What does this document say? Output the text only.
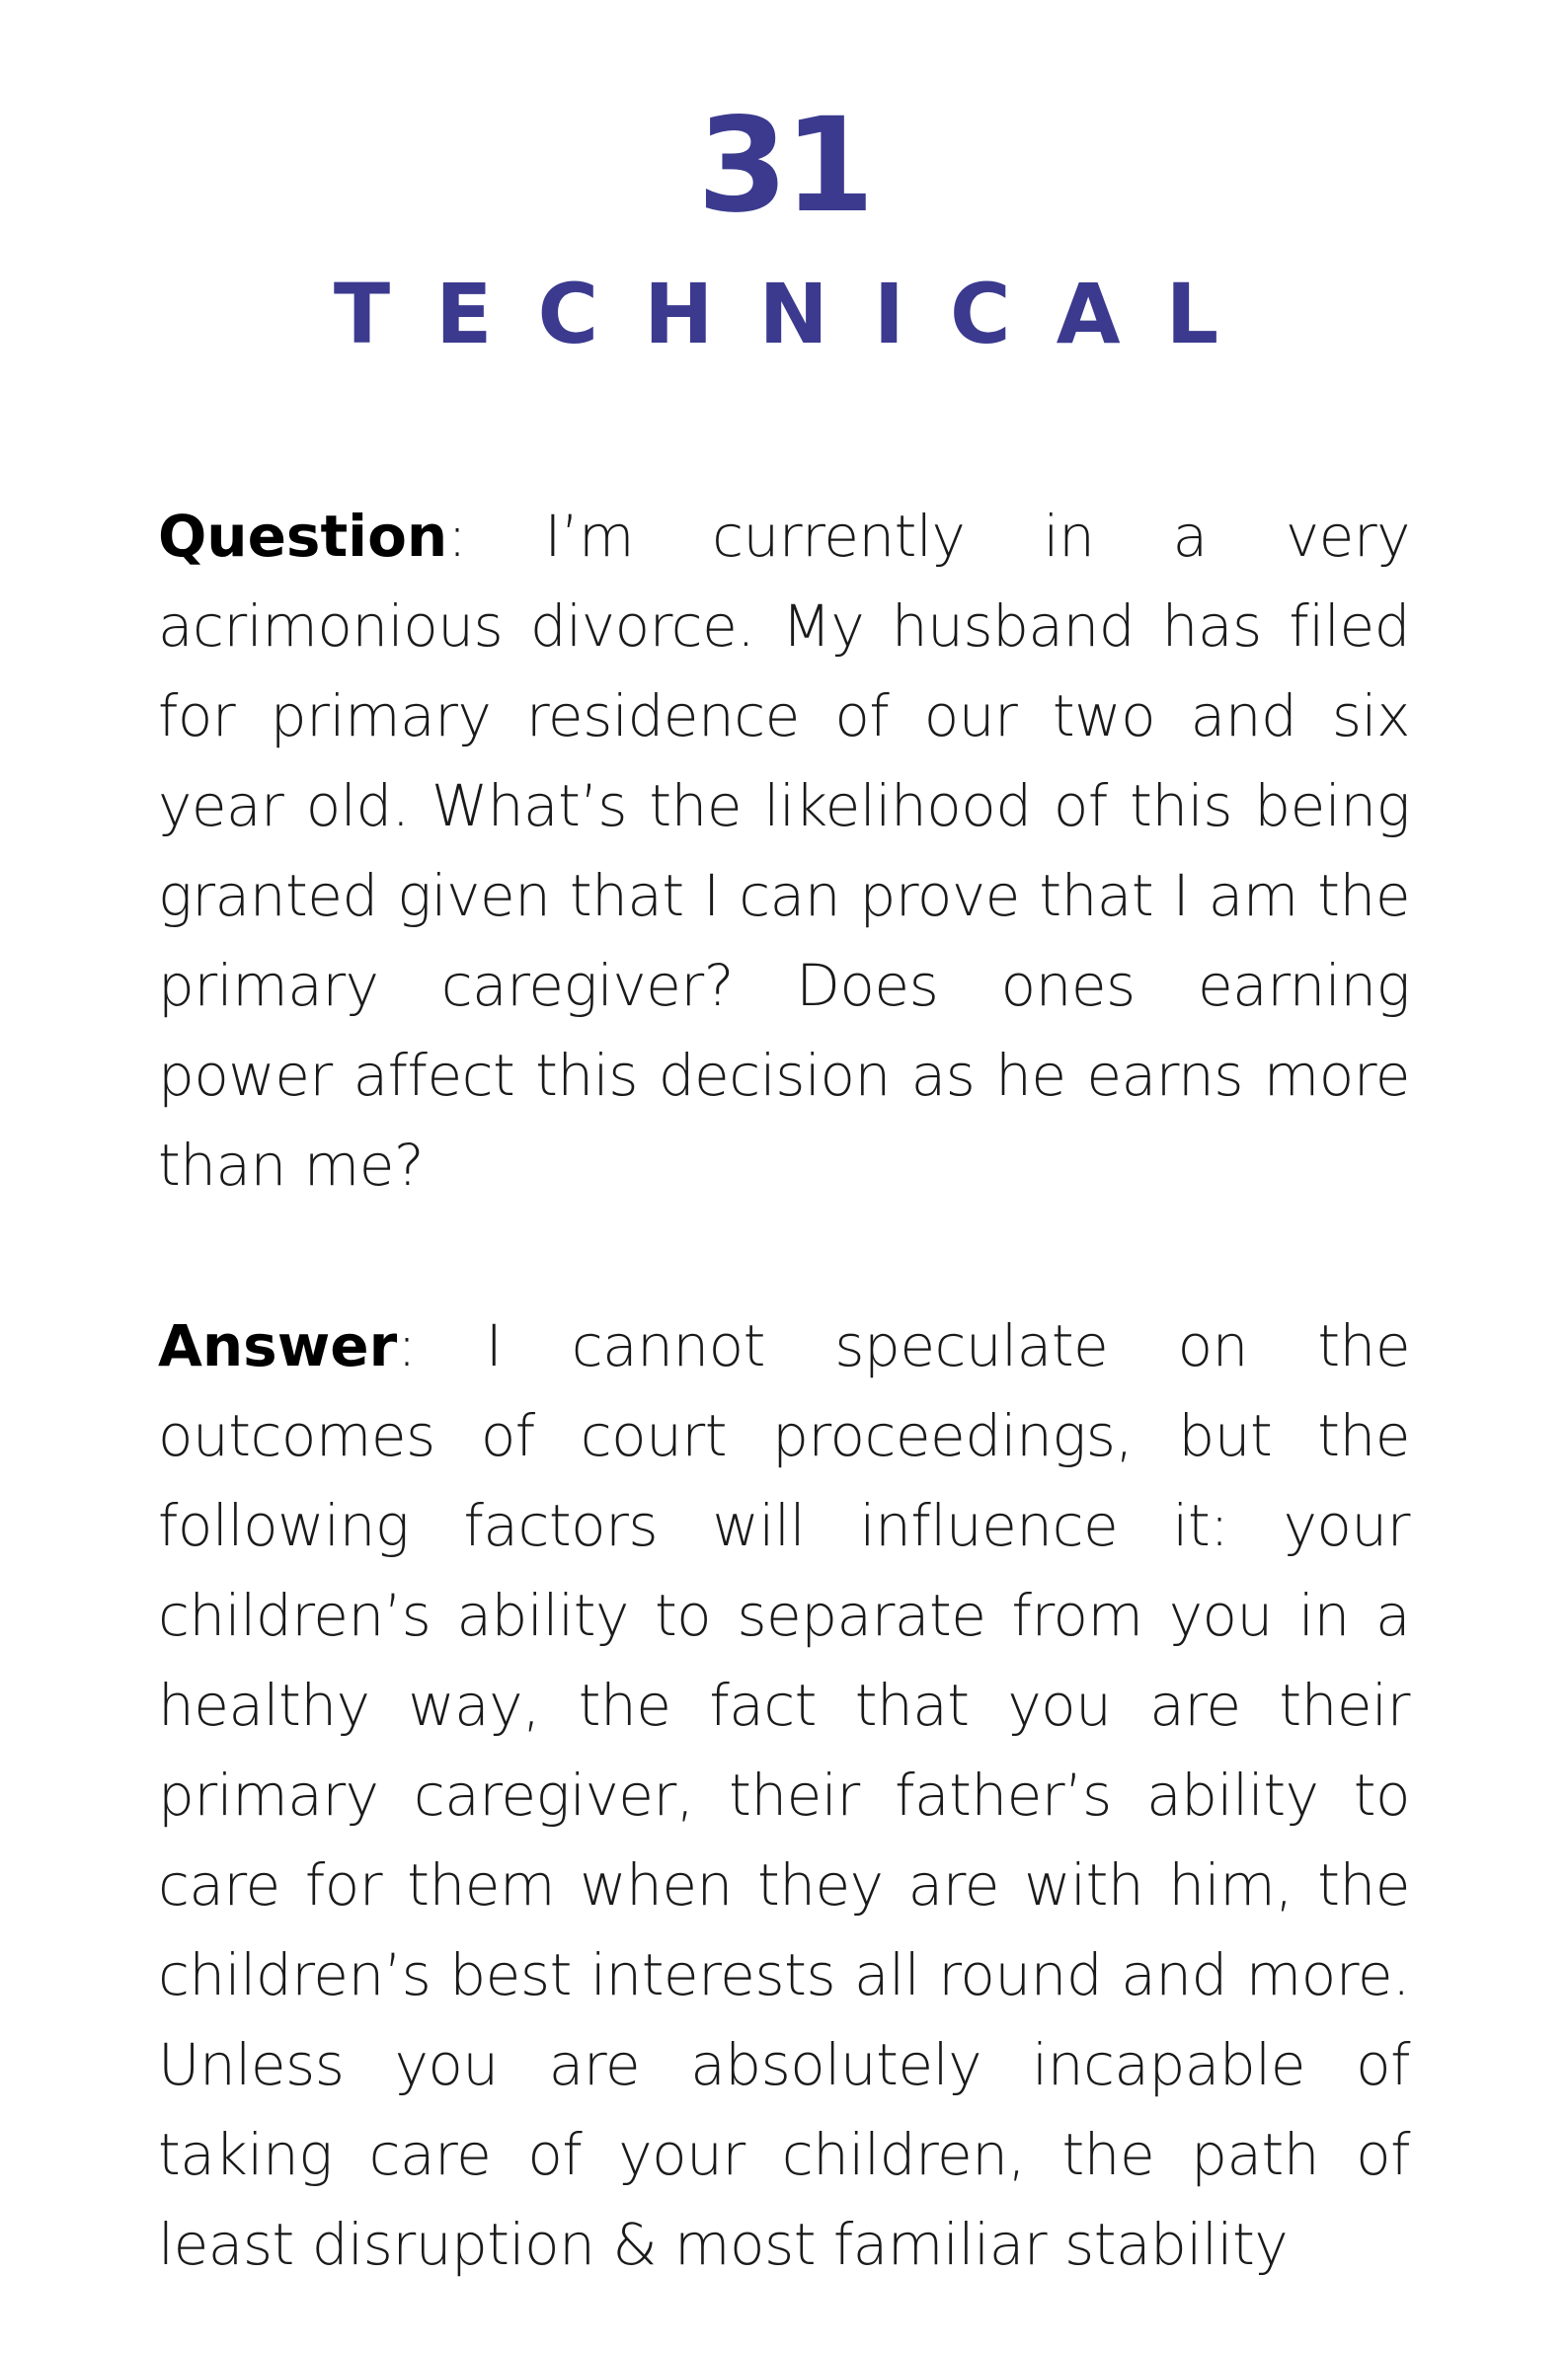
31
TECHNICAL

Question: I’m currently in a very acrimonious divorce. My husband has filed for primary residence of our two and six year old. What’s the likelihood of this being granted given that I can prove that I am the primary caregiver? Does ones earning power affect this decision as he earns more than me?

Answer: I cannot speculate on the outcomes of court proceedings, but the following factors will influence it: your children’s ability to separate from you in a healthy way, the fact that you are their primary caregiver, their father’s ability to care for them when they are with him, the children’s best interests all round and more. Unless you are absolutely incapable of taking care of your children, the path of least disruption & most familiar stability
